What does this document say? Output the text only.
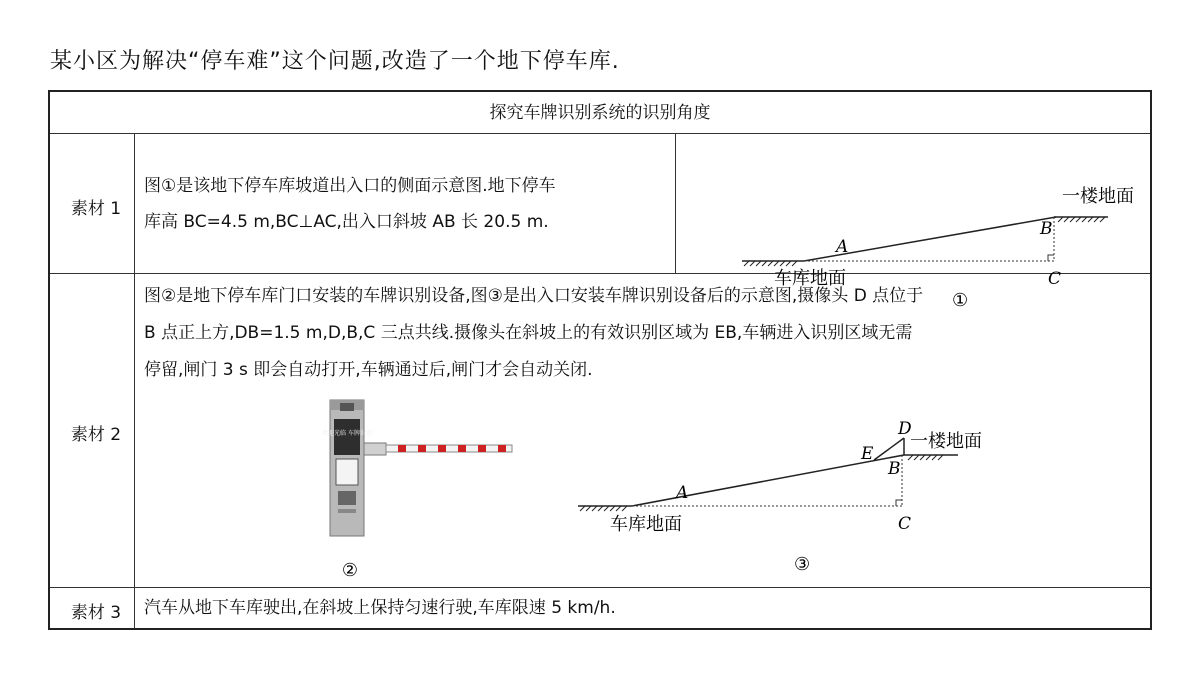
某小区为解决“停车难”这个问题,改造了一个地下停车库.
探究车牌识别系统的识别角度
素材 1
图①是该地下停车库坡道出入口的侧面示意图.地下停车
库高 BC=4.5 m,BC⊥AC,出入口斜坡 AB 长 20.5 m.
A
B
C
一楼地面
车库地面
①
素材 2
图②是地下停车库门口安装的车牌识别设备,图③是出入口安装车牌识别设备后的示意图,摄像头 D 点位于
B 点正上方,DB=1.5 m,D,B,C 三点共线.摄像头在斜坡上的有效识别区域为 EB,车辆进入识别区域无需
停留,闸门 3 s 即会自动打开,车辆通过后,闸门才会自动关闭.
欢迎光临 车牌识别
②
A
B
C
D
E
一楼地面
车库地面
③
素材 3	汽车从地下车库驶出,在斜坡上保持匀速行驶,车库限速 5 km/h.
